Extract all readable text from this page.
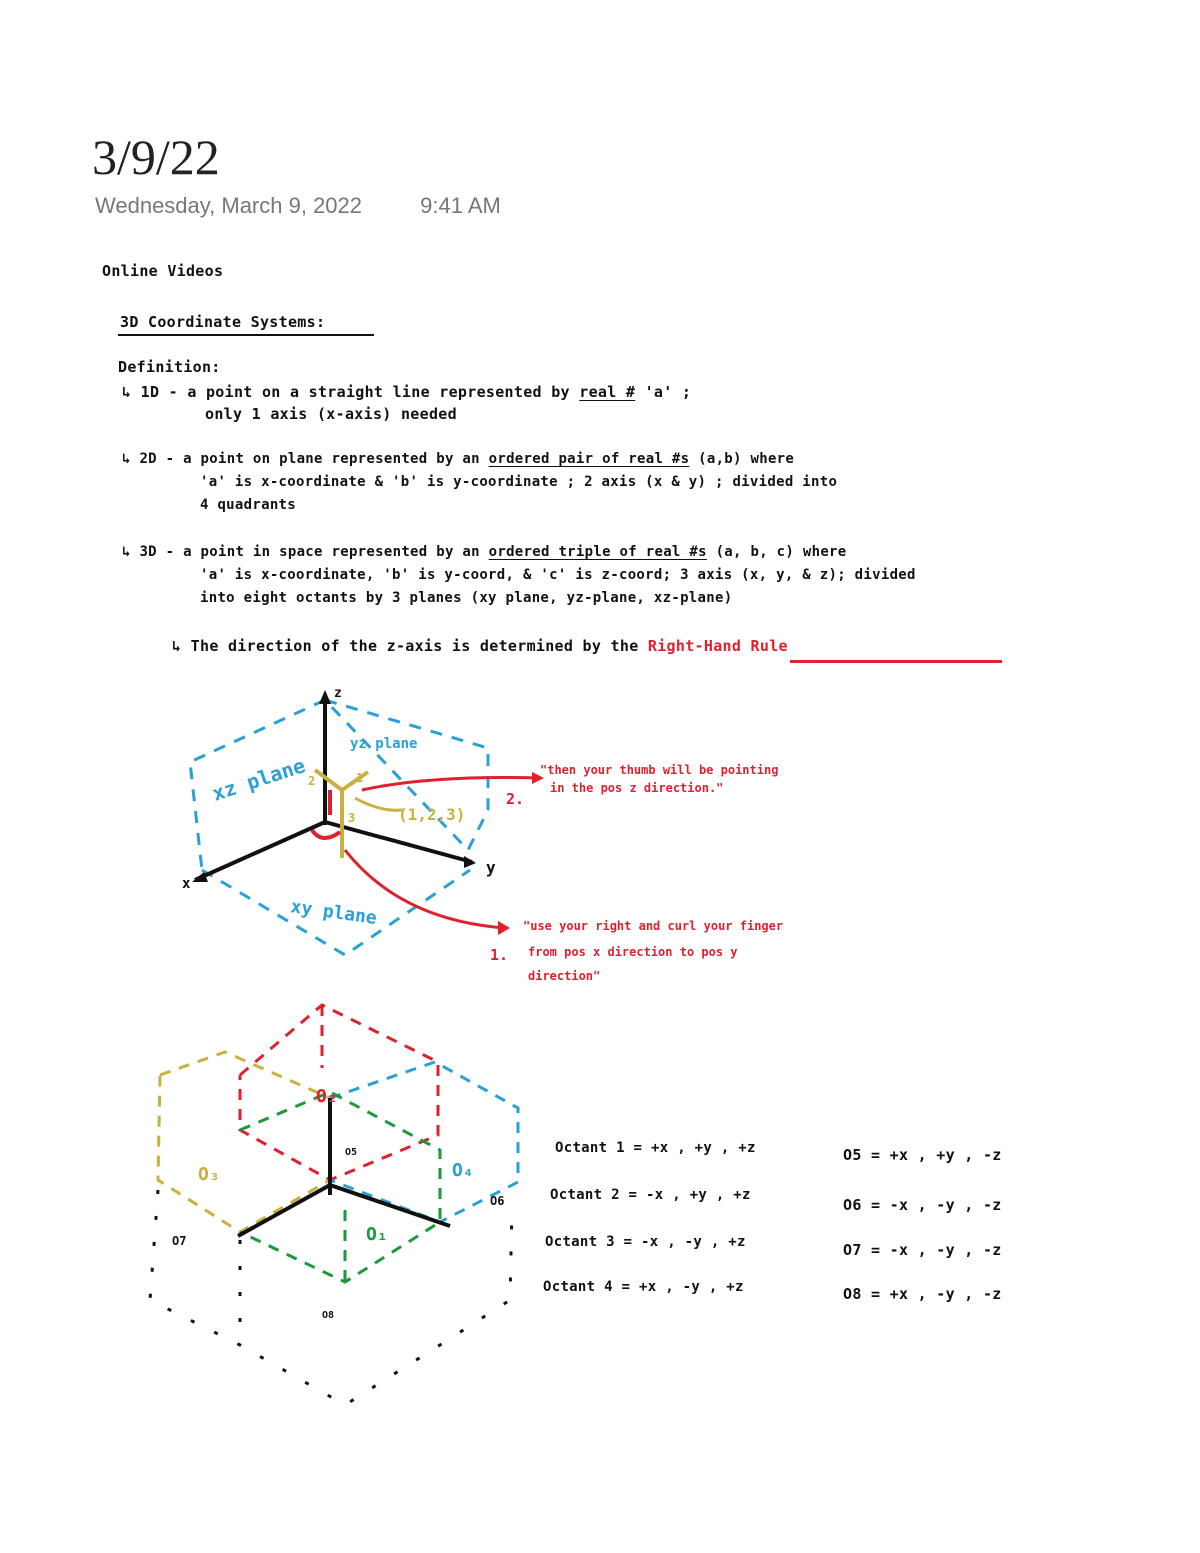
3/9/22
Wednesday, March 9, 2022	9:41 AM
Online Videos
3D Coordinate Systems:
Definition:
↳ 1D - a point on a straight line represented by real # 'a' ;
only 1 axis (x-axis) needed
↳ 2D - a point on plane represented by an ordered pair of real #s (a,b) where
'a' is x-coordinate & 'b' is y-coordinate ; 2 axis (x & y) ; divided into
4 quadrants
↳ 3D - a point in space represented by an ordered triple of real #s (a, b, c) where
'a' is x-coordinate, 'b' is y-coord, & 'c' is z-coord; 3 axis (x, y, & z); divided
into eight octants by 3 planes (xy plane, yz-plane, xz-plane)
↳ The direction of the z-axis is determined by the Right-Hand Rule
z
x
y
yz plane
xz plane
xy plane
(1,2,3)
1
2
3
2.
"then your thumb will be pointing
in the pos z direction."
1.
"use your right and curl your finger
from pos x direction to pos y
direction"
O₂
O₃	O₄
O₁
O5
O6
O7
O8
Octant 1 = +x , +y , +z
Octant 2 = -x , +y , +z
Octant 3 = -x , -y , +z
Octant 4 = +x , -y , +z
O5 = +x , +y , -z
O6 = -x , -y , -z
O7 = -x , -y , -z
O8 = +x , -y , -z
